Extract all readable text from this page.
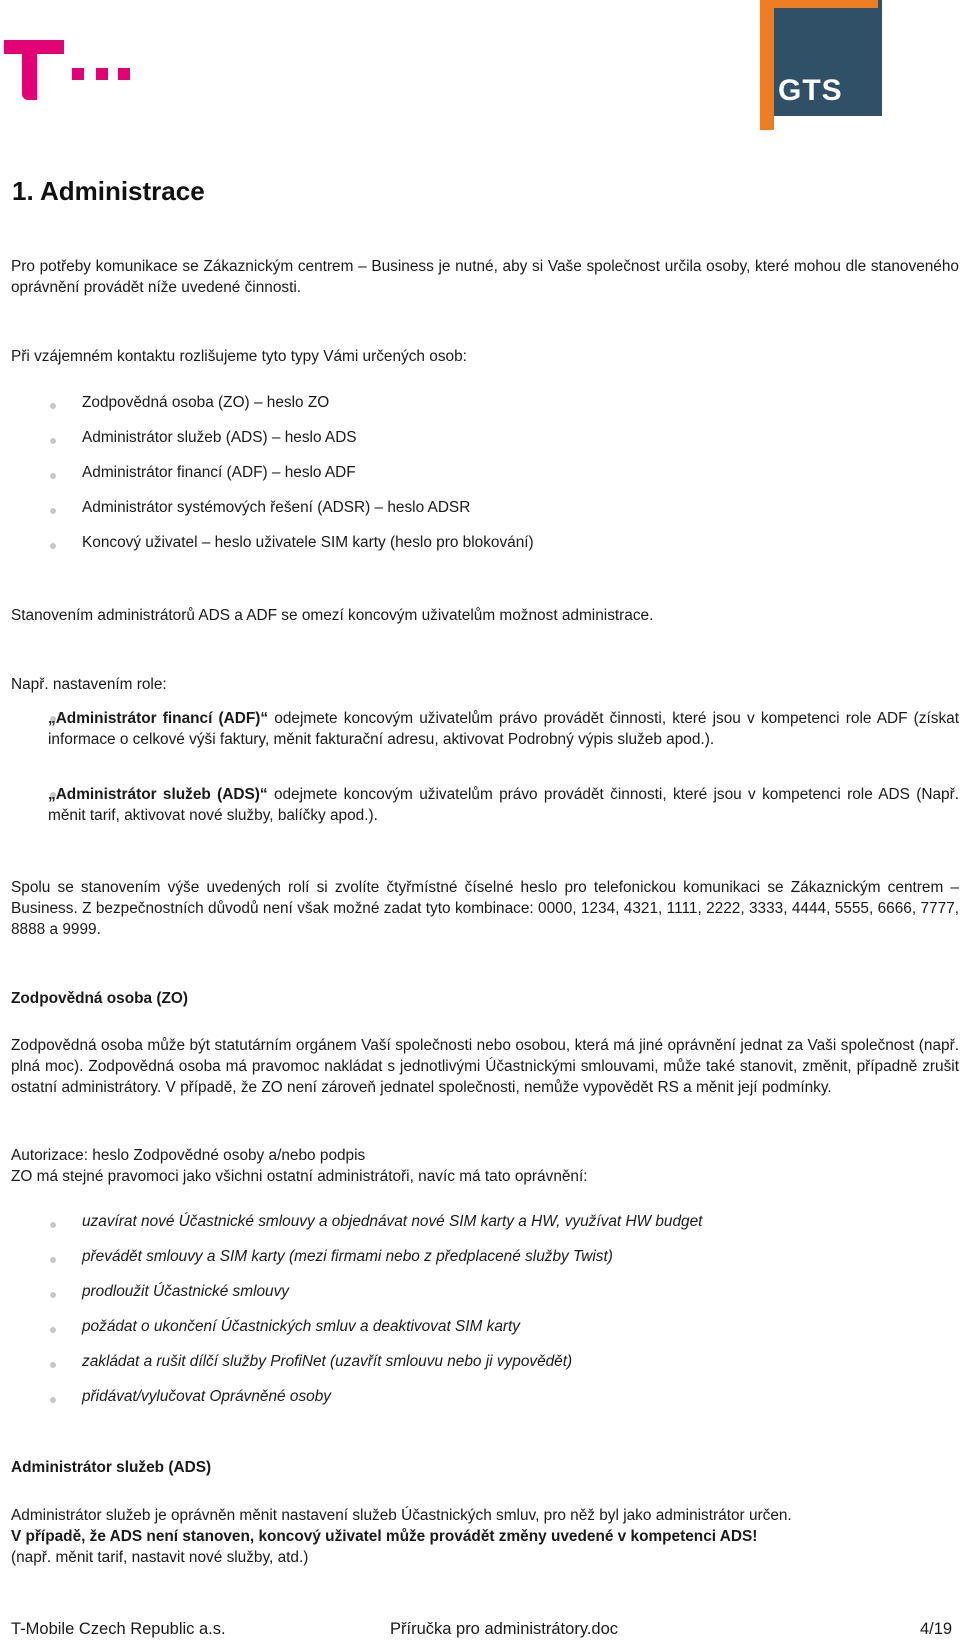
GTS
1. Administrace

Pro potřeby komunikace se Zákaznickým centrem – Business je nutné, aby si Vaše společnost určila osoby, které mohou dle stanoveného oprávnění provádět níže uvedené činnosti.

Při vzájemném kontaktu rozlišujeme tyto typy Vámi určených osob:

Zodpovědná osoba (ZO) – heslo ZO
Administrátor služeb (ADS) – heslo ADS
Administrátor financí (ADF) – heslo ADF
Administrátor systémových řešení (ADSR) – heslo ADSR
Koncový uživatel – heslo uživatele SIM karty (heslo pro blokování)

Stanovením administrátorů ADS a ADF se omezí koncovým uživatelům možnost administrace.

Např. nastavením role:

„Administrátor financí (ADF)“ odejmete koncovým uživatelům právo provádět činnosti, které jsou v kompetenci role ADF (získat informace o celkové výši faktury, měnit fakturační adresu, aktivovat Podrobný výpis služeb apod.).

„Administrátor služeb (ADS)“ odejmete koncovým uživatelům právo provádět činnosti, které jsou v kompetenci role ADS (Např. měnit tarif, aktivovat nové služby, balíčky apod.).

Spolu se stanovením výše uvedených rolí si zvolíte čtyřmístné číselné heslo pro telefonickou komunikaci se Zákaznickým centrem – Business. Z bezpečnostních důvodů není však možné zadat tyto kombinace: 0000, 1234, 4321, 1111, 2222, 3333, 4444, 5555, 6666, 7777, 8888 a 9999.

Zodpovědná osoba (ZO)

Zodpovědná osoba může být statutárním orgánem Vaší společnosti nebo osobou, která má jiné oprávnění jednat za Vaši společnost (např. plná moc). Zodpovědná osoba má pravomoc nakládat s jednotlivými Účastnickými smlouvami, může také stanovit, změnit, případně zrušit ostatní administrátory. V případě, že ZO není zároveň jednatel společnosti, nemůže vypovědět RS a měnit její podmínky.

Autorizace: heslo Zodpovědné osoby a/nebo podpis

ZO má stejné pravomoci jako všichni ostatní administrátoři, navíc má tato oprávnění:

uzavírat nové Účastnické smlouvy a objednávat nové SIM karty a HW, využívat HW budget
převádět smlouvy a SIM karty (mezi firmami nebo z předplacené služby Twist)
prodloužit Účastnické smlouvy
požádat o ukončení Účastnických smluv a deaktivovat SIM karty
zakládat a rušit dílčí služby ProfiNet (uzavřít smlouvu nebo ji vypovědět)
přidávat/vylučovat Oprávněné osoby
Administrátor služeb (ADS)

Administrátor služeb je oprávněn měnit nastavení služeb Účastnických smluv, pro něž byl jako administrátor určen.

V případě, že ADS není stanoven, koncový uživatel může provádět změny uvedené v kompetenci ADS!

(např. měnit tarif, nastavit nové služby, atd.)

T-Mobile Czech Republic a.s.	Příručka pro administrátory.doc	4/19
